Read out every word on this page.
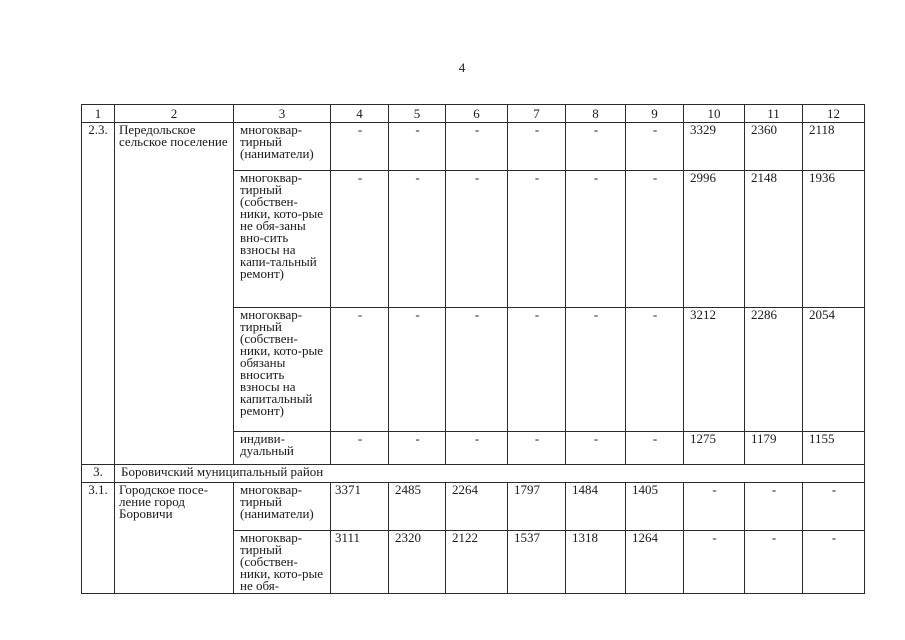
4
1	2	3	4	5	6	7	8	9	10	11	12
2.3.	Передольское сельское поселение	многоквар-тирный (наниматели)	-	-	-	-	-	-	3329	2360	2118
		многоквар-тирный (собствен-ники, кото-рые не обя-заны вно-сить взносы на капи-тальный ремонт)	-	-	-	-	-	-	2996	2148	1936
		многоквар-тирный (собствен-ники, кото-рые обязаны вносить взносы на капитальный ремонт)	-	-	-	-	-	-	3212	2286	2054
		индиви-дуальный	-	-	-	-	-	-	1275	1179	1155
3.	Боровичский муниципальный район										
3.1.	Городское посе-ление город Боровичи	многоквар-тирный (наниматели)	3371	2485	2264	1797	1484	1405	-	-	-
		многоквар-тирный (собствен-ники, кото-рые не обя-	3111	2320	2122	1537	1318	1264	-	-	-
